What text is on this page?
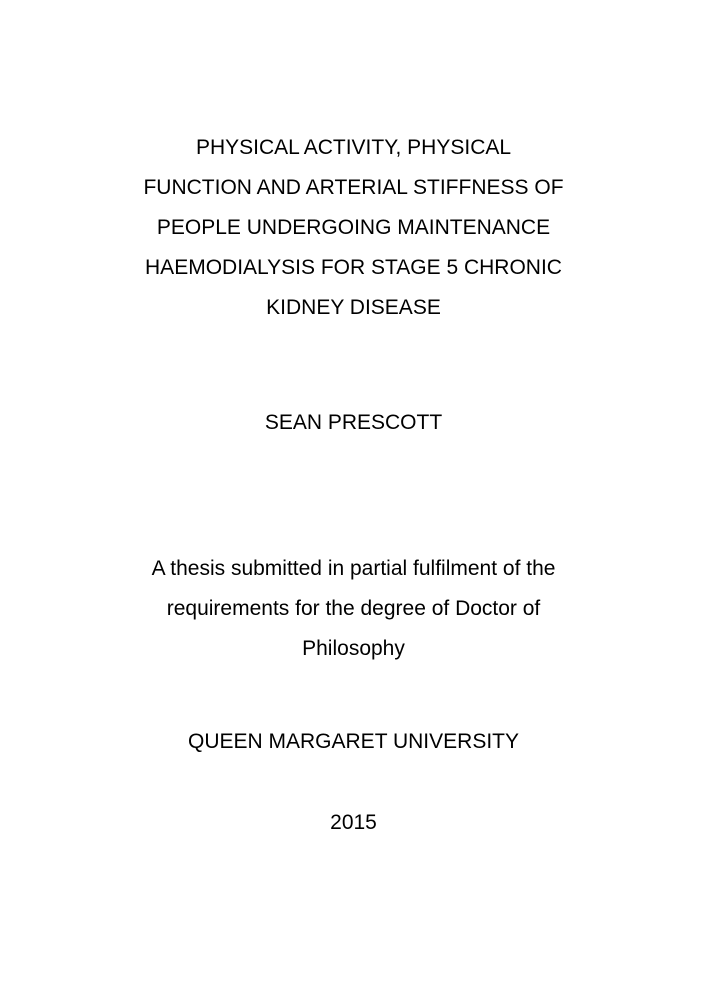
PHYSICAL ACTIVITY, PHYSICAL
FUNCTION AND ARTERIAL STIFFNESS OF
PEOPLE UNDERGOING MAINTENANCE
HAEMODIALYSIS FOR STAGE 5 CHRONIC
KIDNEY DISEASE
SEAN PRESCOTT
A thesis submitted in partial fulfilment of the
requirements for the degree of Doctor of
Philosophy
QUEEN MARGARET UNIVERSITY
2015
